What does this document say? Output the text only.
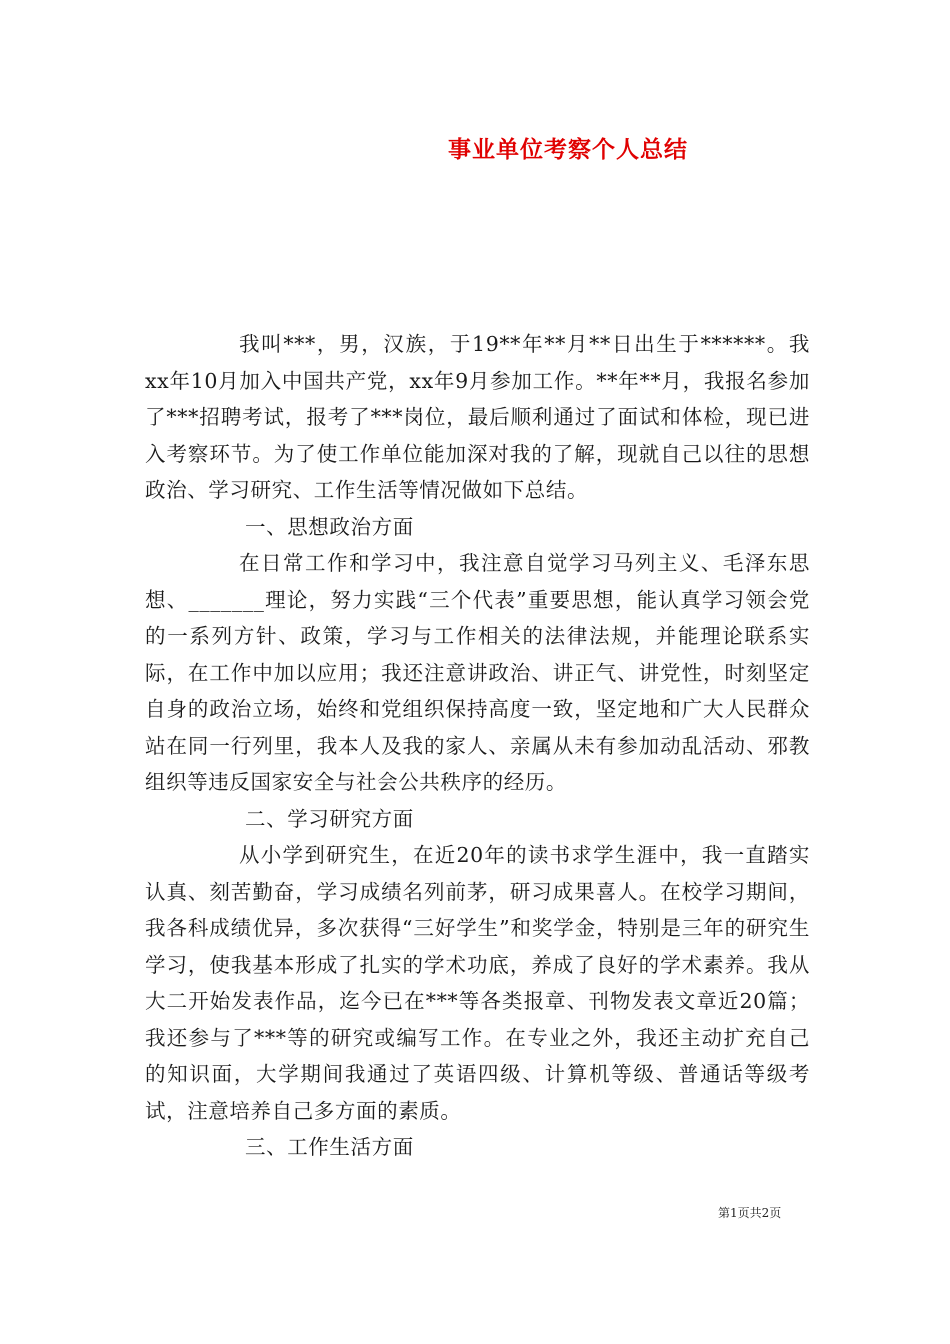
事业单位考察个人总结

我叫***，男，汉族，于19**年**月**日出生于******。我xx年10月加入中国共产党，xx年9月参加工作。**年**月，我报名参加了***招聘考试，报考了***岗位，最后顺利通过了面试和体检，现已进入考察环节。为了使工作单位能加深对我的了解，现就自己以往的思想政治、学习研究、工作生活等情况做如下总结。

一、思想政治方面

在日常工作和学习中，我注意自觉学习马列主义、毛泽东思想、_______理论，努力实践“三个代表”重要思想，能认真学习领会党的一系列方针、政策，学习与工作相关的法律法规，并能理论联系实际，在工作中加以应用；我还注意讲政治、讲正气、讲党性，时刻坚定自身的政治立场，始终和党组织保持高度一致，坚定地和广大人民群众站在同一行列里，我本人及我的家人、亲属从未有参加动乱活动、邪教组织等违反国家安全与社会公共秩序的经历。

二、学习研究方面

从小学到研究生，在近20年的读书求学生涯中，我一直踏实认真、刻苦勤奋，学习成绩名列前茅，研习成果喜人。在校学习期间，我各科成绩优异，多次获得“三好学生”和奖学金，特别是三年的研究生学习，使我基本形成了扎实的学术功底，养成了良好的学术素养。我从大二开始发表作品，迄今已在***等各类报章、刊物发表文章近20篇；我还参与了***等的研究或编写工作。在专业之外，我还主动扩充自己的知识面，大学期间我通过了英语四级、计算机等级、普通话等级考试，注意培养自己多方面的素质。

三、工作生活方面

第1页共2页
